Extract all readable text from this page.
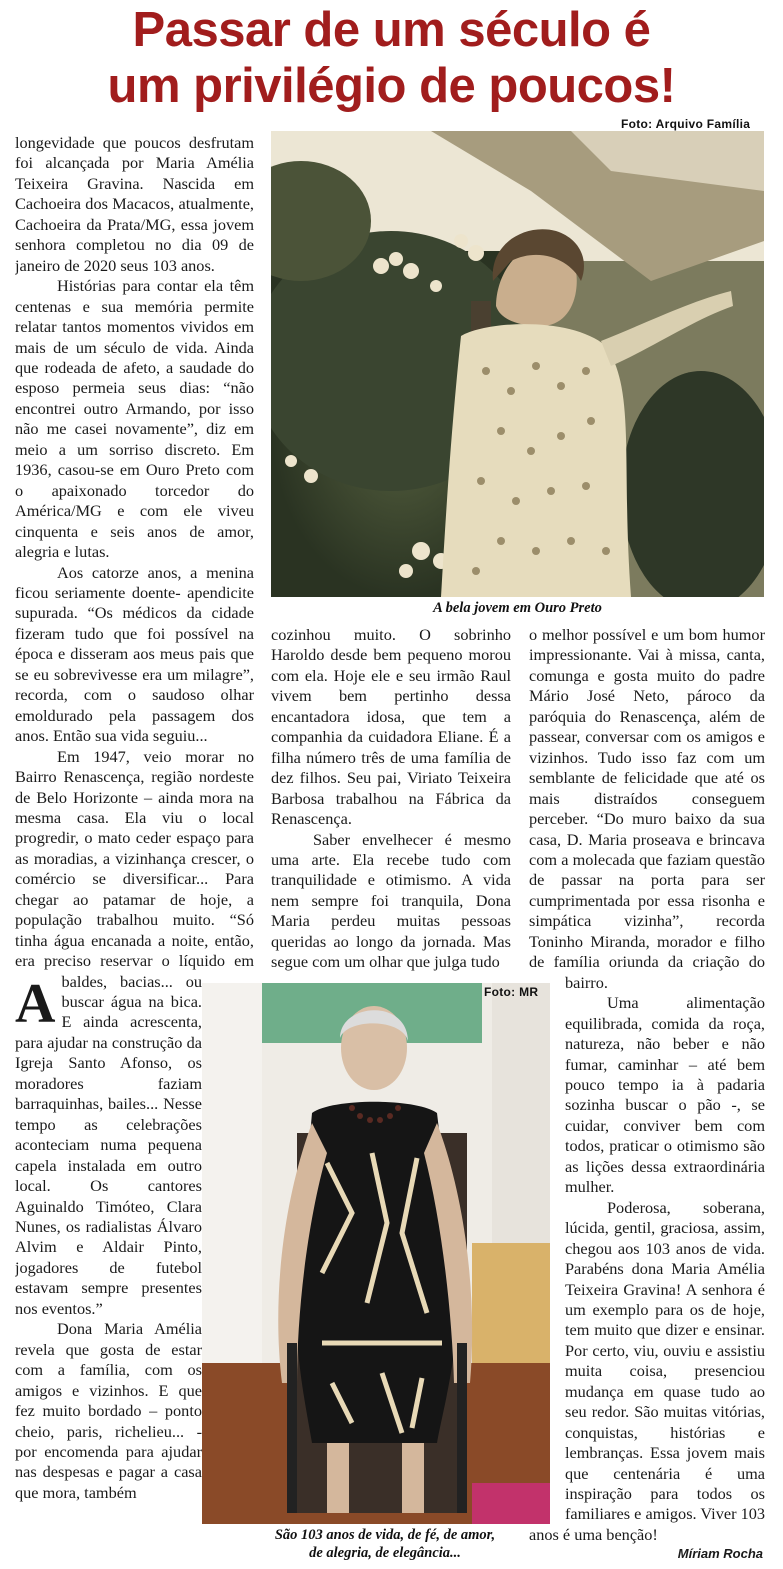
Passar de um século é
um privilégio de poucos!
Foto: Arquivo Família
A bela jovem em Ouro Preto
Foto: MR
São 103 anos de vida, de fé, de amor,
de alegria, de elegância...

A
longevidade que poucos desfrutam foi alcançada por Maria Amélia Teixeira Gravina. Nascida em Cachoeira dos Macacos, atualmente, Cachoeira da Prata/MG, essa jovem senhora completou no dia 09 de janeiro de 2020 seus 103 anos.

Histórias para contar ela têm centenas e sua memória permite relatar tantos momentos vividos em mais de um século de vida. Ainda que rodeada de afeto, a saudade do esposo permeia seus dias: “não encontrei outro Armando, por isso não me casei novamente”, diz em meio a um sorriso discreto. Em 1936, casou-se em Ouro Preto com o apaixonado torcedor do América/MG e com ele viveu cinquenta e seis anos de amor, alegria e lutas.

Aos catorze anos, a menina ficou seriamente doente- apendicite supurada. “Os médicos da cidade fizeram tudo que foi possível na época e disseram aos meus pais que se eu sobrevivesse era um milagre”, recorda, com o saudoso olhar emoldurado pela passagem dos anos. Então sua vida seguiu...

Em 1947, veio morar no Bairro Renascença, região nordeste de Belo Horizonte – ainda mora na mesma casa. Ela viu o local progredir, o mato ceder espaço para as moradias, a vizinhança crescer, o comércio se diversificar... Para chegar ao patamar de hoje, a população trabalhou muito. “Só tinha água encanada a noite, então, era preciso reservar o líquido em baldes, bacias... ou buscar água na bica. E ainda acrescenta, para ajudar na construção da Igreja Santo Afonso, os moradores faziam barraquinhas, bailes... Nesse tempo as celebrações aconteciam numa pequena capela instalada em outro local. Os cantores Aguinaldo Timóteo, Clara Nunes, os radialistas Álvaro Alvim e Aldair Pinto, jogadores de futebol estavam sempre presentes nos eventos.”

Dona Maria Amélia revela que gosta de estar com a família, com os amigos e vizinhos. E que fez muito bordado – ponto cheio, paris, richelieu... - por encomenda para ajudar nas despesas e pagar a casa que mora, também

cozinhou muito. O sobrinho Haroldo desde bem pequeno morou com ela. Hoje ele e seu irmão Raul vivem bem pertinho dessa encantadora idosa, que tem a companhia da cuidadora Eliane. É a filha número três de uma família de dez filhos. Seu pai, Viriato Teixeira Barbosa trabalhou na Fábrica da Renascença.

Saber envelhecer é mesmo uma arte. Ela recebe tudo com tranquilidade e otimismo. A vida nem sempre foi tranquila, Dona Maria perdeu muitas pessoas queridas ao longo da jornada. Mas segue com um olhar que julga tudo

o melhor possível e um bom humor impressionante. Vai à missa, canta, comunga e gosta muito do padre Mário José Neto, pároco da paróquia do Renascença, além de passear, conversar com os amigos e vizinhos. Tudo isso faz com um semblante de felicidade que até os mais distraídos conseguem perceber. “Do muro baixo da sua casa, D. Maria proseava e brincava com a molecada que faziam questão de passar na porta para ser cumprimentada por essa risonha e simpática vizinha”, recorda Toninho Miranda, morador e filho de família oriunda da criação do bairro.

Uma alimentação equilibrada, comida da roça, natureza, não beber e não fumar, caminhar – até bem pouco tempo ia à padaria sozinha buscar o pão -, se cuidar, conviver bem com todos, praticar o otimismo são as lições dessa extraordinária mulher.

Poderosa, soberana, lúcida, gentil, graciosa, assim, chegou aos 103 anos de vida. Parabéns dona Maria Amélia Teixeira Gravina! A senhora é um exemplo para os de hoje, tem muito que dizer e ensinar. Por certo, viu, ouviu e assistiu muita coisa, presenciou mudança em quase tudo ao seu redor. São muitas vitórias, conquistas, histórias e lembranças. Essa jovem mais que centenária é uma inspiração para todos os familiares e amigos. Viver 103 anos é uma benção!

Míriam Rocha
